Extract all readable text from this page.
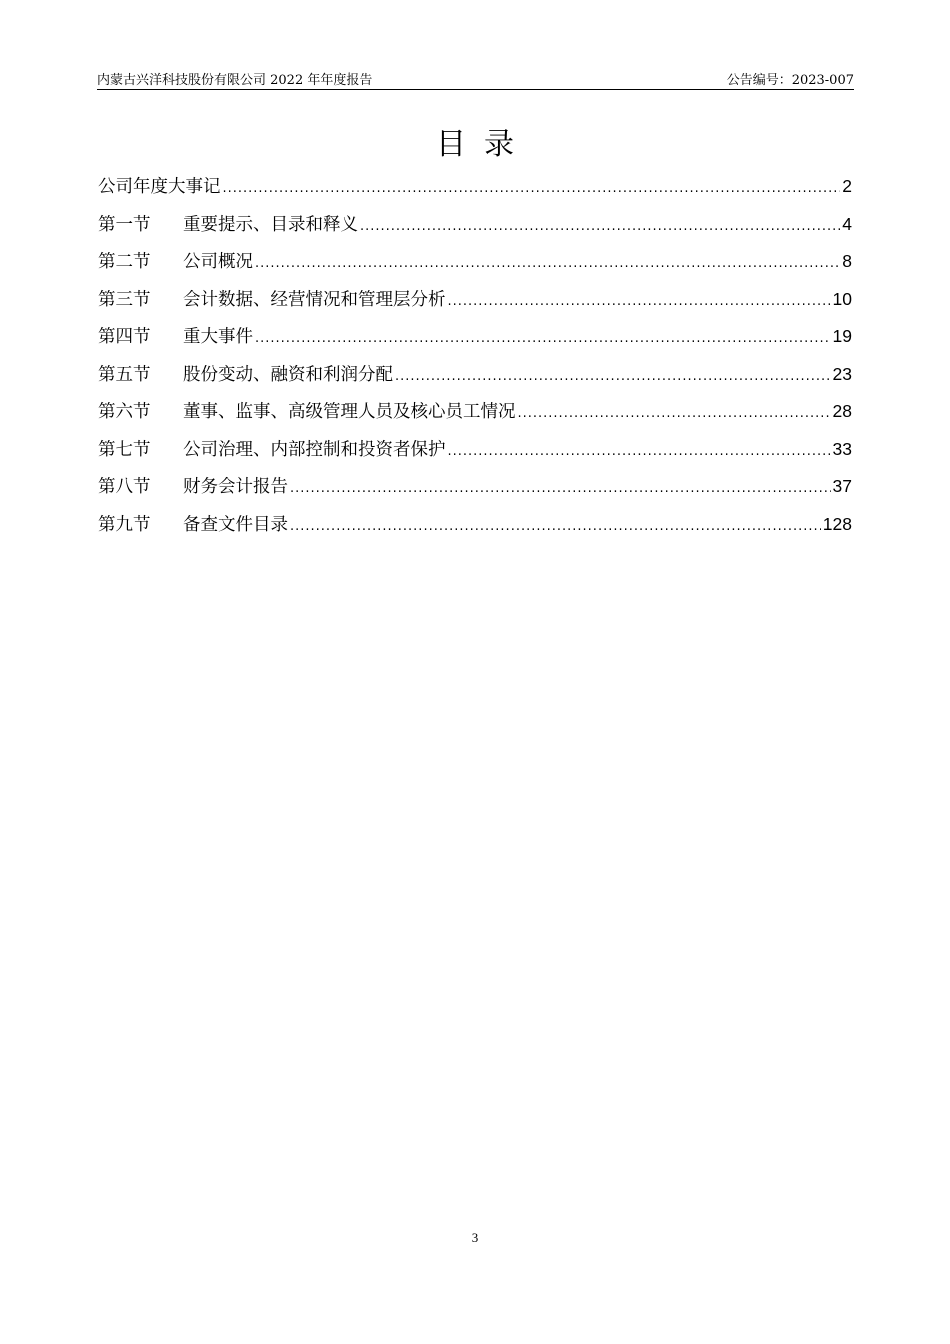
内蒙古兴洋科技股份有限公司 2022 年年度报告	公告编号：2023-007
目录
公司年度大事记 .....	2
第一节	重要提示、目录和释义 .....	4
第二节	公司概况 .....	8
第三节	会计数据、经营情况和管理层分析 .....	10
第四节	重大事件 .....	19
第五节	股份变动、融资和利润分配 .....	23
第六节	董事、监事、高级管理人员及核心员工情况 .....	28
第七节	公司治理、内部控制和投资者保护 .....	33
第八节	财务会计报告 .....	37
第九节	备查文件目录 .....	128
3
